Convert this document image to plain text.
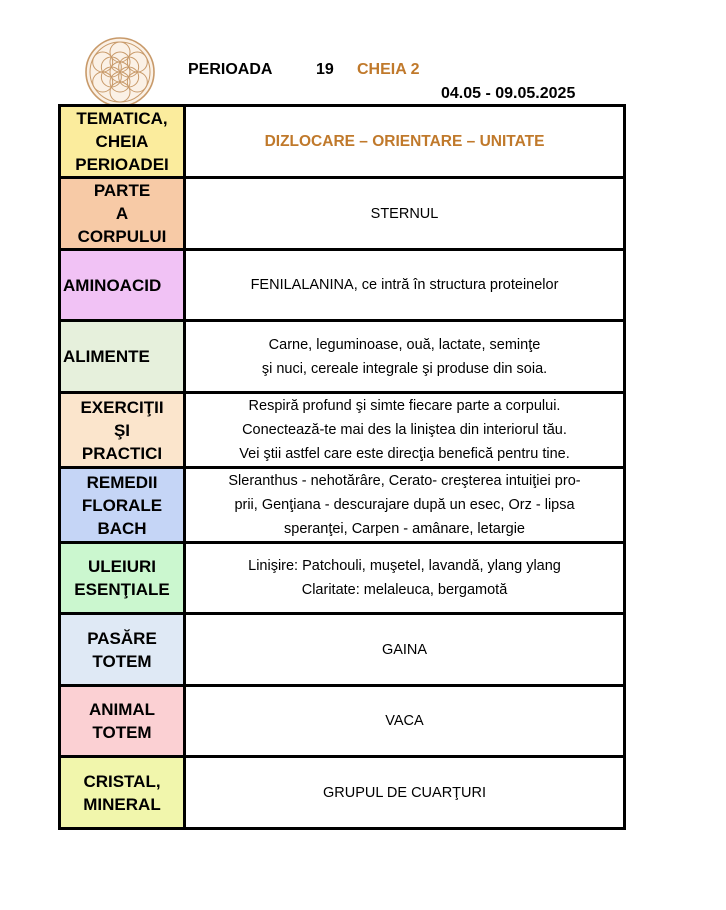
PERIOADA	19 CHEIA 2
04.05 - 09.05.2025
TEMATICA,
CHEIA
PERIOADEI	DIZLOCARE – ORIENTARE – UNITATE

PARTE
A
CORPULUI	STERNUL

AMINOACID	FENILALANINA, ce intră în structura proteinelor

ALIMENTE	Carne, leguminoase, ouă, lactate, seminţe
şi nuci, cereale integrale şi produse din soia.

EXERCIŢII
ŞI
PRACTICI	Respiră profund şi simte fiecare parte a corpului.
Conectează-te mai des la liniştea din interiorul tău.
Vei ştii astfel care este direcţia benefică pentru tine.

REMEDII
FLORALE
BACH	Sleranthus - nehotărâre, Cerato- creşterea intuiţiei pro-
prii, Genţiana - descurajare după un esec, Orz - lipsa
speranţei, Carpen - amânare, letargie

ULEIURI
ESENŢIALE	Linişire: Patchouli, muşetel, lavandă, ylang ylang
Claritate: melaleuca, bergamotă

PASĂRE
TOTEM	GAINA

ANIMAL
TOTEM	VACA

CRISTAL,
MINERAL	GRUPUL DE CUARŢURI
